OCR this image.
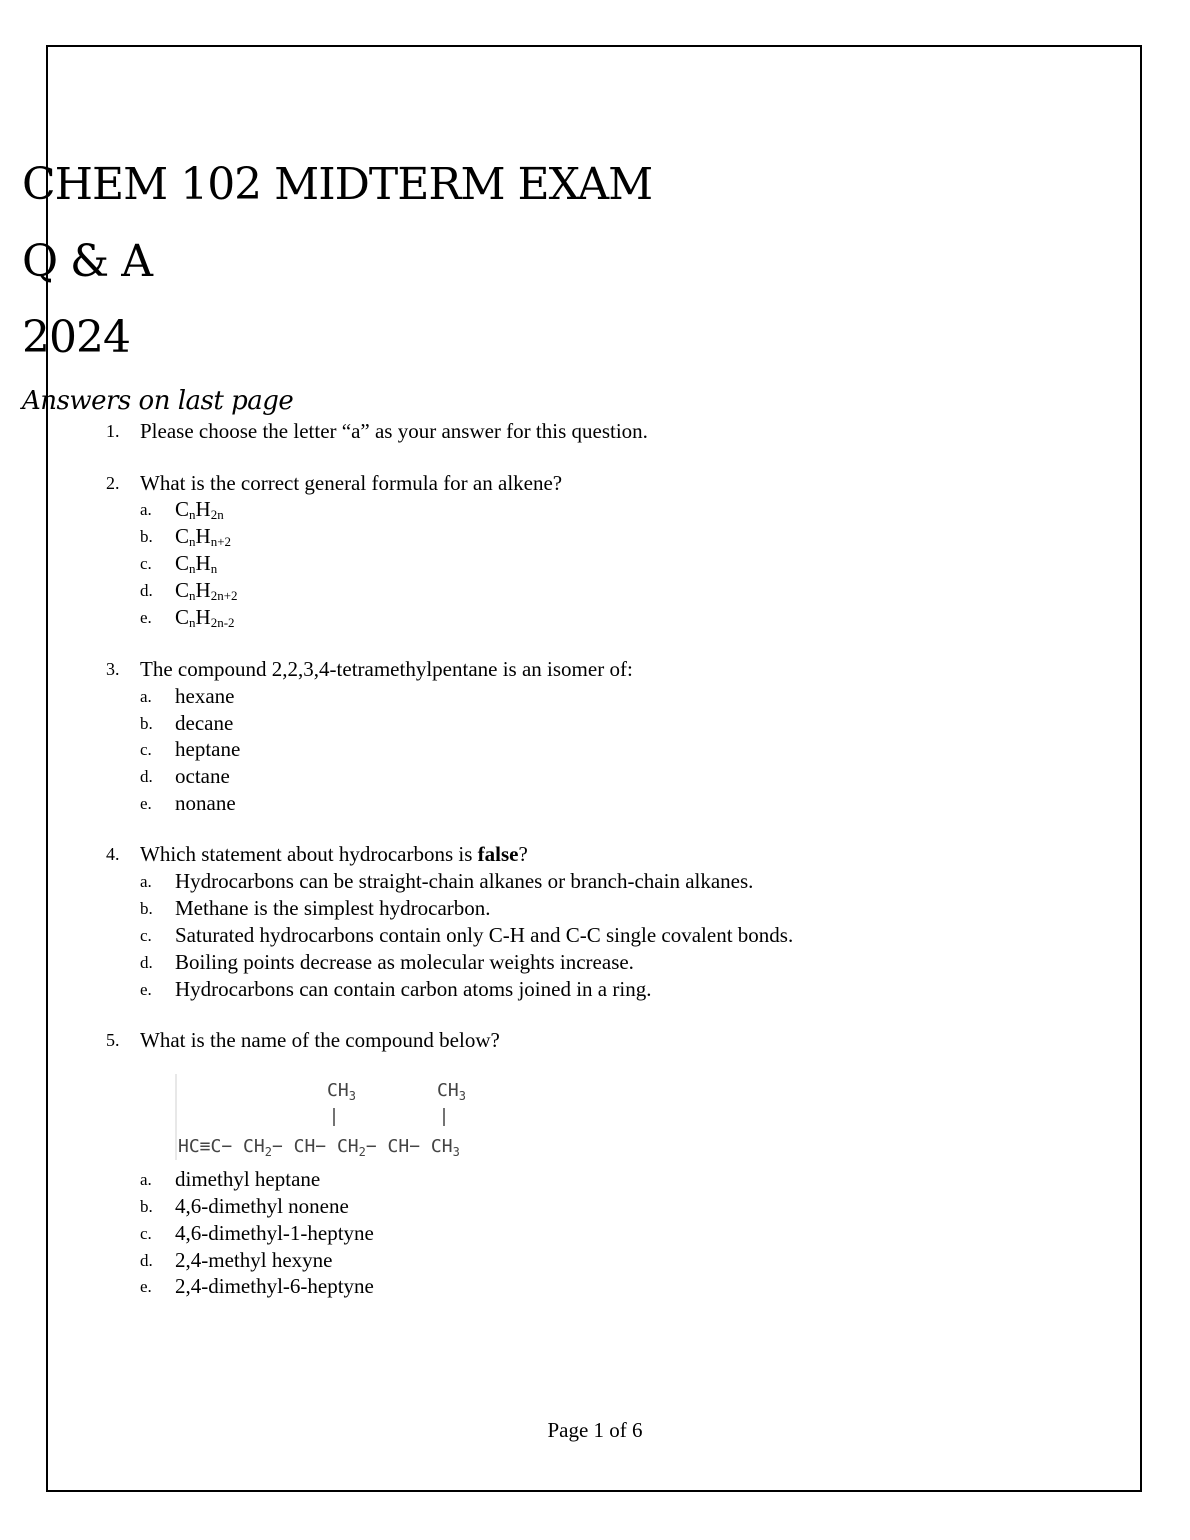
CHEM 102 MIDTERM EXAM
Q & A
2024
Answers on last page
1. Please choose the letter “a” as your answer for this question.
2. What is the correct general formula for an alkene?
a. $C_nH_{2n}$
b. $C_nH_{n+2}$
c. $C_nH_n$
d. $C_nH_{2n+2}$
e. $C_nH_{2n-2}$
3. The compound 2,2,3,4-tetramethylpentane is an isomer of:
a. hexane
b. decane
c. heptane
d. octane
e. nonane
4. Which statement about hydrocarbons is false?
a. Hydrocarbons can be straight-chain alkanes or branch-chain alkanes.
b. Methane is the simplest hydrocarbon.
c. Saturated hydrocarbons contain only C-H and C-C single covalent bonds.
d. Boiling points decrease as molecular weights increase.
e. Hydrocarbons can contain carbon atoms joined in a ring.
5. What is the name of the compound below?
$CH_3$	$CH_3$
$HC\equiv C- CH_2- CH- CH_2- CH- CH_3$
a. dimethyl heptane
b. 4,6-dimethyl nonene
c. 4,6-dimethyl-1-heptyne
d. 2,4-methyl hexyne
e. 2,4-dimethyl-6-heptyne
Page 1 of 6
